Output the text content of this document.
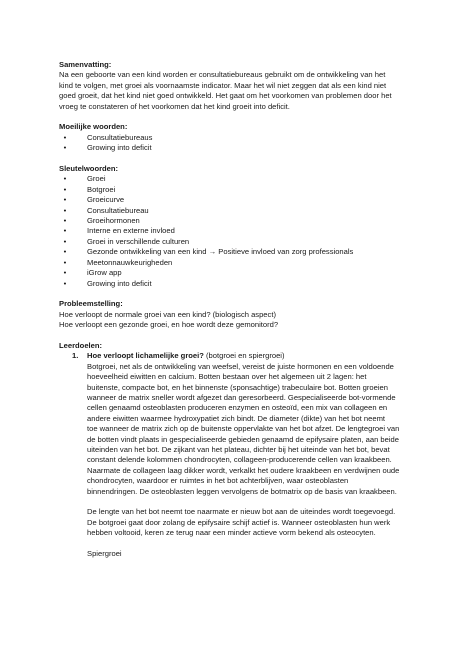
Samenvatting:

Na een geboorte van een kind worden er consultatiebureaus gebruikt om de ontwikkeling van het

kind te volgen, met groei als voornaamste indicator. Maar het wil niet zeggen dat als een kind niet

goed groeit, dat het kind niet goed ontwikkeld. Het gaat om het voorkomen van problemen door het

vroeg te constateren of het voorkomen dat het kind groeit into deficit.

Moeilijke woorden:
•	Consultatiebureaus
•	Growing into deficit
Sleutelwoorden:
•	Groei
•	Botgroei
•	Groeicurve
•	Consultatiebureau
•	Groeihormonen
•	Interne en externe invloed
•	Groei in verschillende culturen
•	Gezonde ontwikkeling van een kind → Positieve invloed van zorg professionals
•	Meetonnauwkeurigheden
•	iGrow app
•	Growing into deficit
Probleemstelling:

Hoe verloopt de normale groei van een kind? (biologisch aspect)

Hoe verloopt een gezonde groei, en hoe wordt deze gemonitord?

Leerdoelen:
1. Hoe verloopt lichamelijke groei? (botgroei en spiergroei)

Botgroei, net als de ontwikkeling van weefsel, vereist de juiste hormonen en een voldoende

hoeveelheid eiwitten en calcium. Botten bestaan over het algemeen uit 2 lagen: het

buitenste, compacte bot, en het binnenste (sponsachtige) trabeculaire bot. Botten groeien

wanneer de matrix sneller wordt afgezet dan geresorbeerd. Gespecialiseerde bot-vormende

cellen genaamd osteoblasten produceren enzymen en osteoïd, een mix van collageen en

andere eiwitten waarmee hydroxypatiet zich bindt. De diameter (dikte) van het bot neemt

toe wanneer de matrix zich op de buitenste oppervlakte van het bot afzet. De lengtegroei van

de botten vindt plaats in gespecialiseerde gebieden genaamd de epifysaire platen, aan beide

uiteinden van het bot. De zijkant van het plateau, dichter bij het uiteinde van het bot, bevat

constant delende kolommen chondrocyten, collageen-producerende cellen van kraakbeen.

Naarmate de collageen laag dikker wordt, verkalkt het oudere kraakbeen en verdwijnen oude

chondrocyten, waardoor er ruimtes in het bot achterblijven, waar osteoblasten

binnendringen. De osteoblasten leggen vervolgens de botmatrix op de basis van kraakbeen.

De lengte van het bot neemt toe naarmate er nieuw bot aan de uiteindes wordt toegevoegd.

De botgroei gaat door zolang de epifysaire schijf actief is. Wanneer osteoblasten hun werk

hebben voltooid, keren ze terug naar een minder actieve vorm bekend als osteocyten.

Spiergroei
